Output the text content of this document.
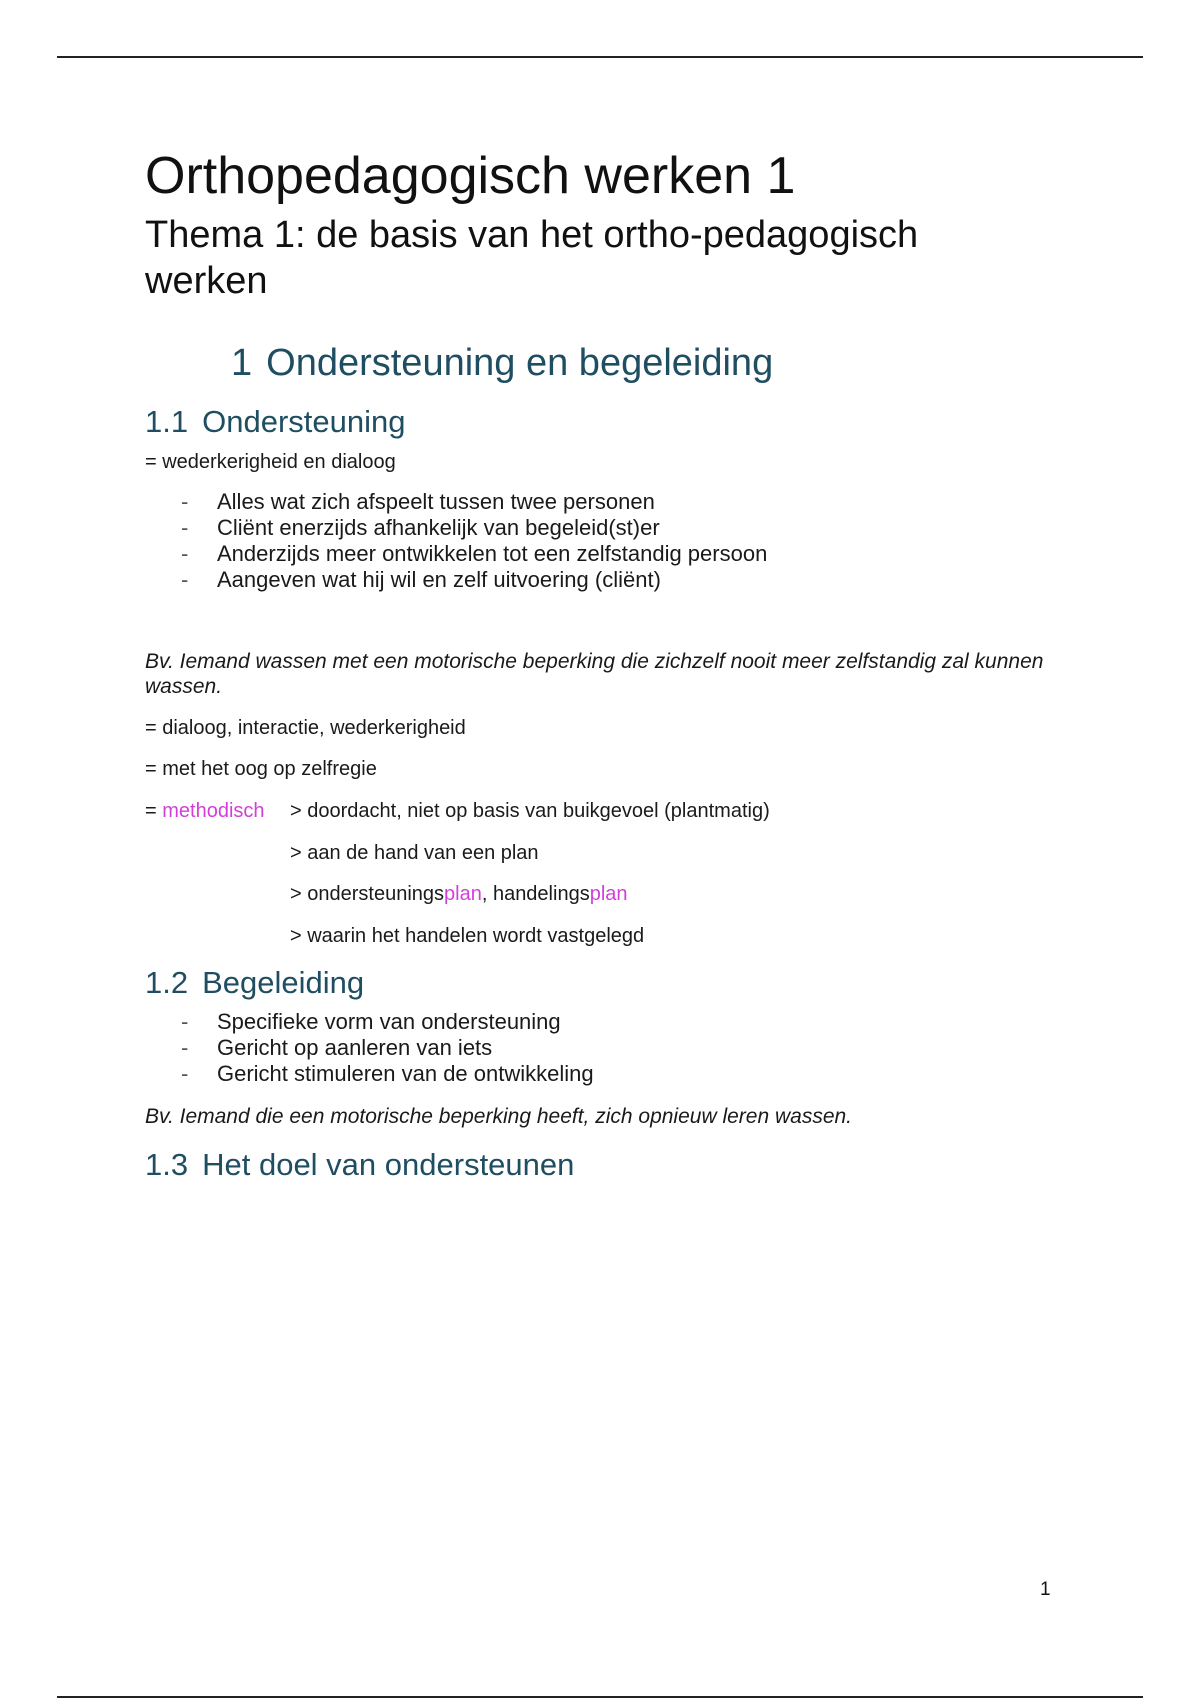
Orthopedagogisch werken 1
Thema 1: de basis van het ortho-pedagogisch werken
1 Ondersteuning en begeleiding
1.1 Ondersteuning
= wederkerigheid en dialoog
- Alles wat zich afspeelt tussen twee personen
- Cliënt enerzijds afhankelijk van begeleid(st)er
- Anderzijds meer ontwikkelen tot een zelfstandig persoon
- Aangeven wat hij wil en zelf uitvoering (cliënt)
Bv. Iemand wassen met een motorische beperking die zichzelf nooit meer zelfstandig zal kunnen wassen.
= dialoog, interactie, wederkerigheid
= met het oog op zelfregie
= methodisch > doordacht, niet op basis van buikgevoel (plantmatig)
> aan de hand van een plan
> ondersteuningsplan, handelingsplan
> waarin het handelen wordt vastgelegd
1.2 Begeleiding
- Specifieke vorm van ondersteuning
- Gericht op aanleren van iets
- Gericht stimuleren van de ontwikkeling
Bv. Iemand die een motorische beperking heeft, zich opnieuw leren wassen.
1.3 Het doel van ondersteunen
1
